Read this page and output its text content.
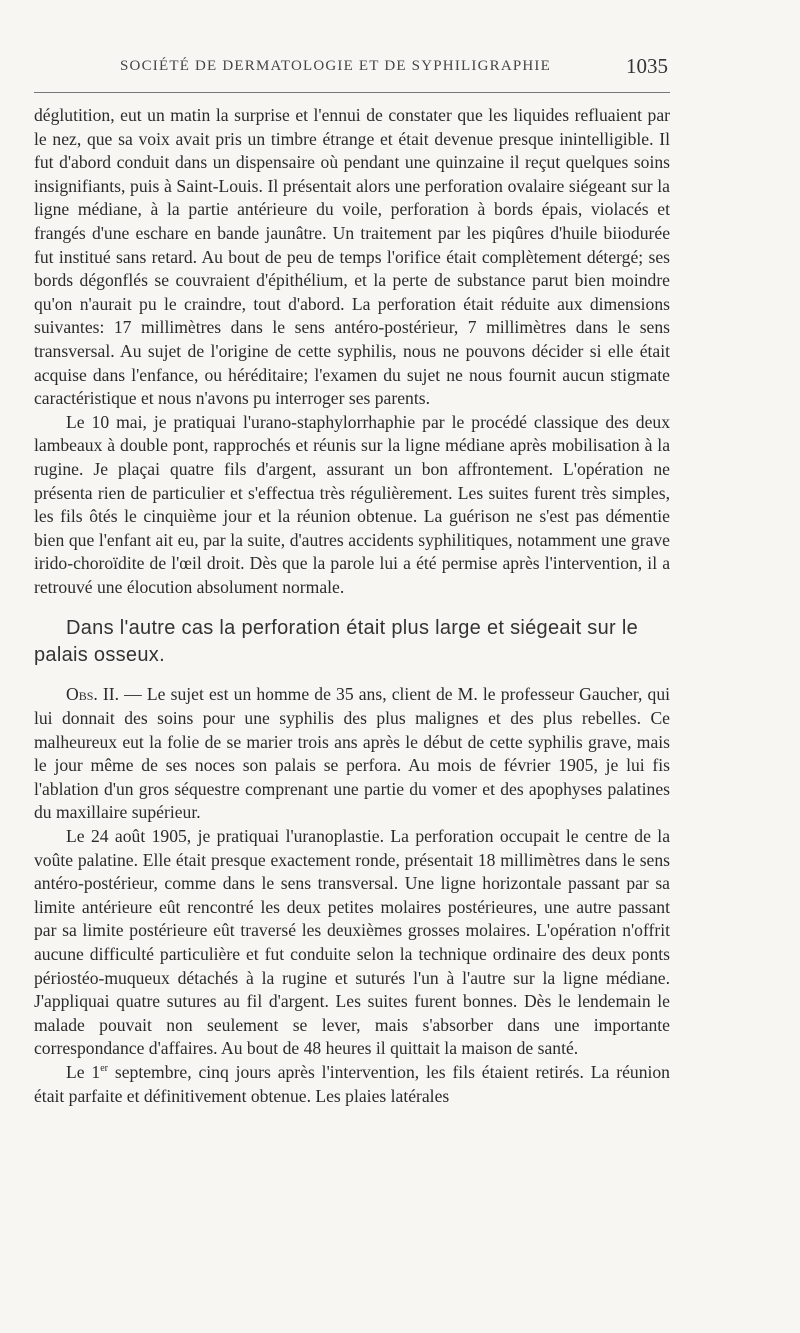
SOCIÉTÉ DE DERMATOLOGIE ET DE SYPHILIGRAPHIE	1035

déglutition, eut un matin la surprise et l'ennui de constater que les liquides refluaient par le nez, que sa voix avait pris un timbre étrange et était devenue presque inintelligible. Il fut d'abord conduit dans un dispensaire où pendant une quinzaine il reçut quelques soins insignifiants, puis à Saint-Louis. Il présentait alors une perforation ovalaire siégeant sur la ligne médiane, à la partie antérieure du voile, perforation à bords épais, violacés et frangés d'une eschare en bande jaunâtre. Un traitement par les piqûres d'huile biiodurée fut institué sans retard. Au bout de peu de temps l'orifice était complètement détergé; ses bords dégonflés se couvraient d'épithélium, et la perte de substance parut bien moindre qu'on n'aurait pu le craindre, tout d'abord. La perforation était réduite aux dimensions suivantes: 17 millimètres dans le sens antéro-postérieur, 7 millimètres dans le sens transversal. Au sujet de l'origine de cette syphilis, nous ne pouvons décider si elle était acquise dans l'enfance, ou héréditaire; l'examen du sujet ne nous fournit aucun stigmate caractéristique et nous n'avons pu interroger ses parents.

Le 10 mai, je pratiquai l'urano-staphylorrhaphie par le procédé classique des deux lambeaux à double pont, rapprochés et réunis sur la ligne médiane après mobilisation à la rugine. Je plaçai quatre fils d'argent, assurant un bon affrontement. L'opération ne présenta rien de particulier et s'effectua très régulièrement. Les suites furent très simples, les fils ôtés le cinquième jour et la réunion obtenue. La guérison ne s'est pas démentie bien que l'enfant ait eu, par la suite, d'autres accidents syphilitiques, notamment une grave irido-choroïdite de l'œil droit. Dès que la parole lui a été permise après l'intervention, il a retrouvé une élocution absolument normale.

Dans l'autre cas la perforation était plus large et siégeait sur le palais osseux.

Obs. II. — Le sujet est un homme de 35 ans, client de M. le professeur Gaucher, qui lui donnait des soins pour une syphilis des plus malignes et des plus rebelles. Ce malheureux eut la folie de se marier trois ans après le début de cette syphilis grave, mais le jour même de ses noces son palais se perfora. Au mois de février 1905, je lui fis l'ablation d'un gros séquestre comprenant une partie du vomer et des apophyses palatines du maxillaire supérieur.

Le 24 août 1905, je pratiquai l'uranoplastie. La perforation occupait le centre de la voûte palatine. Elle était presque exactement ronde, présentait 18 millimètres dans le sens antéro-postérieur, comme dans le sens transversal. Une ligne horizontale passant par sa limite antérieure eût rencontré les deux petites molaires postérieures, une autre passant par sa limite postérieure eût traversé les deuxièmes grosses molaires. L'opération n'offrit aucune difficulté particulière et fut conduite selon la technique ordinaire des deux ponts périostéo-muqueux détachés à la rugine et suturés l'un à l'autre sur la ligne médiane. J'appliquai quatre sutures au fil d'argent. Les suites furent bonnes. Dès le lendemain le malade pouvait non seulement se lever, mais s'absorber dans une importante correspondance d'affaires. Au bout de 48 heures il quittait la maison de santé.

Le 1er septembre, cinq jours après l'intervention, les fils étaient retirés. La réunion était parfaite et définitivement obtenue. Les plaies latérales
